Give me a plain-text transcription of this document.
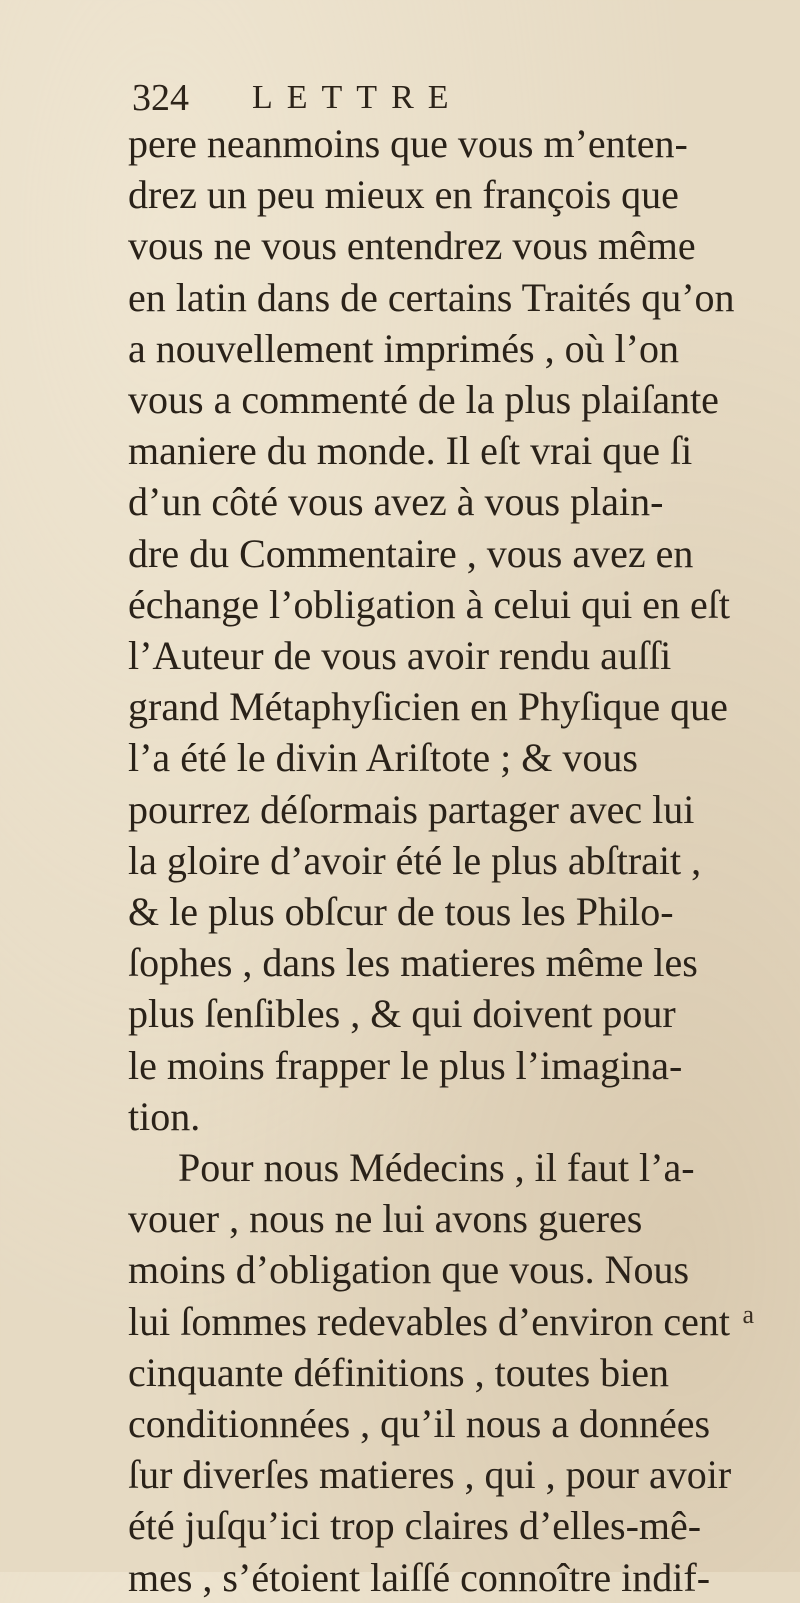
324 LETTRE
pere neanmoins que vous m’enten-
drez un peu mieux en françois que
vous ne vous entendrez vous même
en latin dans de certains Traités qu’on
a nouvellement imprimés , où l’on
vous a commenté de la plus plaiſante
maniere du monde. Il eſt vrai que ſi
d’un côté vous avez à vous plain-
dre du Commentaire , vous avez en
échange l’obligation à celui qui en eſt
l’Auteur de vous avoir rendu auſſi
grand Métaphyſicien en Phyſique que
l’a été le divin Ariſtote ; & vous
pourrez déſormais partager avec lui
la gloire d’avoir été le plus abſtrait ,
& le plus obſcur de tous les Philo-
ſophes , dans les matieres même les
plus ſenſibles , & qui doivent pour
le moins frapper le plus l’imagina-
tion.
Pour nous Médecins , il faut l’a-
vouer , nous ne lui avons gueres
moins d’obligation que vous. Nous
lui ſommes redevables d’environ cent
cinquante définitions , toutes bien
conditionnées , qu’il nous a données
ſur diverſes matieres , qui , pour avoir
été juſqu’ici trop claires d’elles-mê-
mes , s’étoient laiſſé connoître indif-
a
